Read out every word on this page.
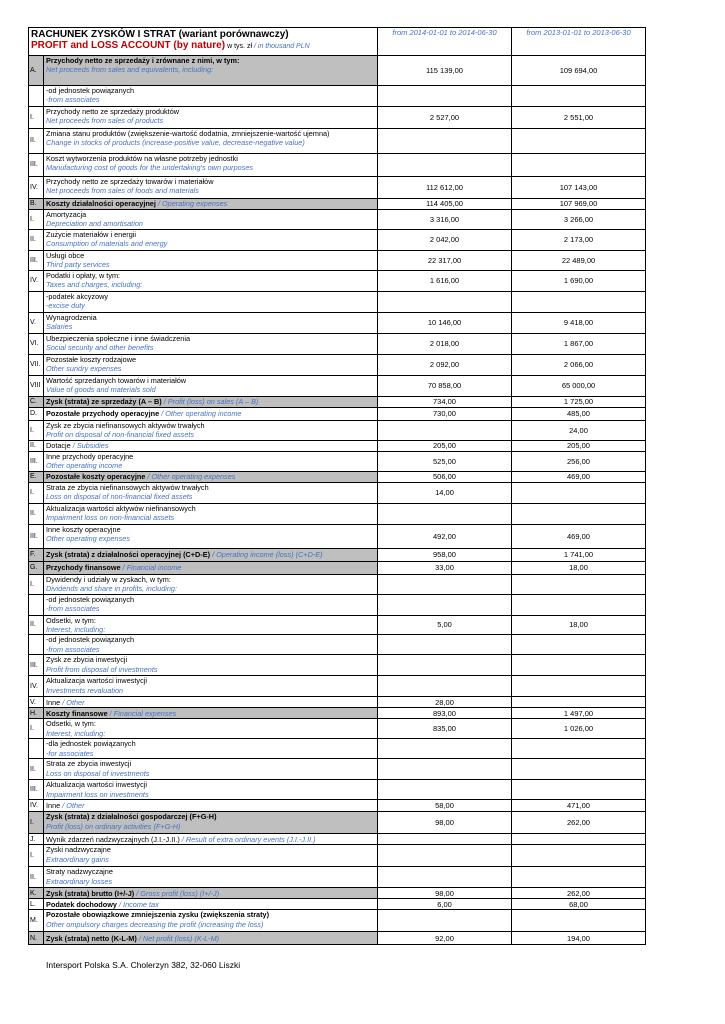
RACHUNEK ZYSKÓW I STRAT (wariant porównawczy)
PROFIT and LOSS ACCOUNT (by nature) w tys. zł / in thousand PLN		from 2014-01-01 to 2014-06-30	from 2013-01-01 to 2013-06-30
A.	Przychody netto ze sprzedaży i zrównane z nimi, w tym:
Net proceeds from sales and equivalents, including:	115 139,00	109 694,00

	-od jednostek powiązanych
-from associates		

I.	Przychody netto ze sprzedaży produktów
Net proceeds from sales of products	2 527,00	2 551,00
II.	Zmiana stanu produktów (zwiększenie-wartość dodatnia, zmniejszenie-wartość ujemna)
Change in stocks of products (increase-positive value, decrease-negative value)		

III.	Koszt wytworzenia produktów na własne potrzeby jednostki
Manufacturing cost of goods for the undertaking's own purposes		

IV.	Przychody netto ze sprzedaży towarów i materiałów
Net proceeds from sales of foods and materials	112 612,00	107 143,00
B.	Koszty działalności operacyjnej / Operating expenses	114 405,00	107 969,00
I.	Amortyzacja
Depreciation and amortisation	3 316,00	3 266,00
II.	Zużycie materiałów i energii
Consumption of materials and energy	2 042,00	2 173,00
III.	Usługi obce
Third party services	22 317,00	22 489,00
IV.	Podatki i opłaty, w tym:
Taxes and charges, including:	1 616,00	1 690,00

	-podatek akcyzowy
-excise duty		

V.	Wynagrodzenia
Salaries	10 146,00	9 418,00
VI.	Ubezpieczenia społeczne i inne świadczenia
Social security and other benefits	2 018,00	1 867,00
VII.	Pozostałe koszty rodzajowe
Other sundry expenses	2 092,00	2 066,00
VIII	Wartość sprzedanych towarów i materiałów
Value of goods and materials sold	70 858,00	65 000,00
C.	Zysk (strata) ze sprzedaży (A – B) / Profit (loss) on sales (A – B)	734,00	1 725,00
D.	Pozostałe przychody operacyjne / Other operating income	730,00	485,00
I.	Zysk ze zbycia niefinansowych aktywów trwałych
Profit on disposal of non-financial fixed assets		24,00
II.	Dotacje / Subsidies	205,00	205,00
III.	Inne przychody operacyjne
Other operating income	525,00	256,00
E.	Pozostałe koszty operacyjne / Other operating expenses	506,00	469,00
I.	Strata ze zbycia niefinansowych aktywów trwałych
Loss on disposal of non-financial fixed assets	14,00	
II.	Aktualizacja wartości aktywów niefinansowych
Impairment loss on non-financial assets		

III.	Inne koszty operacyjne
Other operating expenses	492,00	469,00
F.	Zysk (strata) z działalności operacyjnej (C+D-E) / Operating income (loss) (C+D-E)	958,00	1 741,00
G.	Przychody finansowe / Financial income	33,00	18,00
I.	Dywidendy i udziały w zyskach, w tym:
Dividends and share in profits, including:		

	-od jednostek powiązanych
-from associates		

II.	Odsetki, w tym:
Interest, including:	5,00	18,00

	-od jednostek powiązanych
-from associates		

III.	Zysk ze zbycia inwestycji
Profit from disposal of investments		

IV.	Aktualizacja wartości inwestycji
Investments revaluation		

V.	Inne / Other	28,00	
H.	Koszty finansowe / Financial expenses	893,00	1 497,00
I.	Odsetki, w tym:
Interest, including:	835,00	1 026,00

	-dla jednostek powiązanych
-for associates		

II.	Strata ze zbycia inwestycji
Loss on disposal of investments		

III.	Aktualizacja wartości inwestycji
Impairment loss on investments		

IV.	Inne / Other	58,00	471,00
I.	Zysk (strata) z działalności gospodarczej (F+G-H)
Profit (loss) on ordinary activities (F+G-H)	98,00	262,00
J.	Wynik zdarzeń nadzwyczajnych (J.I.-J.II.) / Result of extra ordinary events (J.I.-J.II.)		
I.	Zyski nadzwyczajne
Extraordinary gains		

II.	Straty nadzwyczajne
Extraordinary losses		

K.	Zysk (strata) brutto (I+/-J) / Gross profit (loss) (I+/-J)	98,00	262,00
L.	Podatek dochodowy / Income tax	6,00	68,00
M.	Pozostałe obowiązkowe zmniejszenia zysku (zwiększenia straty)
Other ompulsory charges decreasing the profit (increasing the loss)		

N.	Zysk (strata) netto (K-L-M) / Net profit (loss) (K-L-M)	92,00	194,00
Intersport Polska S.A. Cholerzyn 382, 32-060 Liszki
